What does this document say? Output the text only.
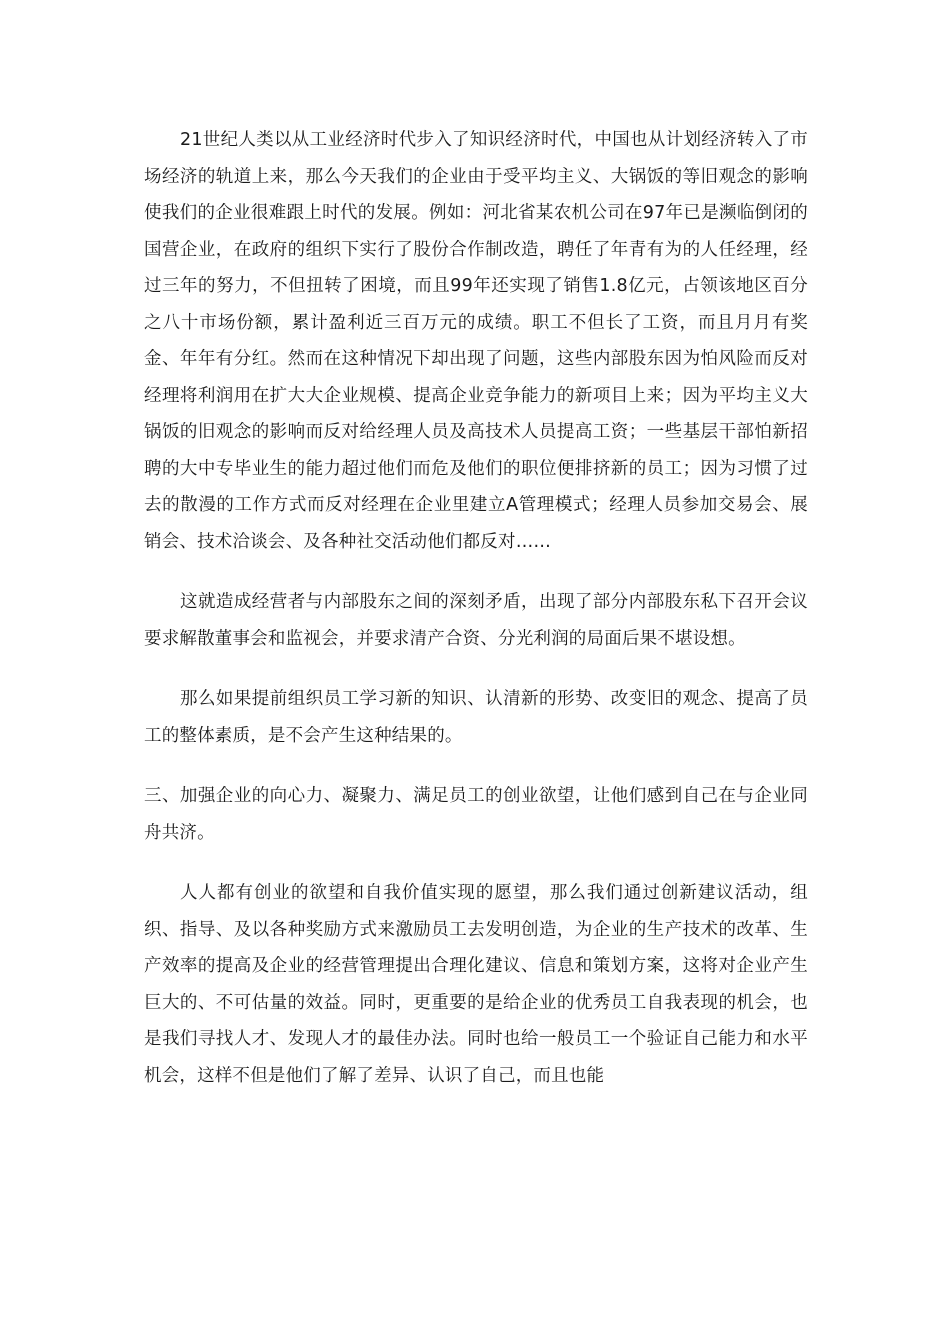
21世纪人类以从工业经济时代步入了知识经济时代，中国也从计划经济转入了市场经济的轨道上来，那么今天我们的企业由于受平均主义、大锅饭的等旧观念的影响使我们的企业很难跟上时代的发展。例如：河北省某农机公司在97年已是濒临倒闭的国营企业，在政府的组织下实行了股份合作制改造，聘任了年青有为的人任经理，经过三年的努力，不但扭转了困境，而且99年还实现了销售1.8亿元，占领该地区百分之八十市场份额，累计盈利近三百万元的成绩。职工不但长了工资，而且月月有奖金、年年有分红。然而在这种情况下却出现了问题，这些内部股东因为怕风险而反对经理将利润用在扩大大企业规模、提高企业竞争能力的新项目上来；因为平均主义大锅饭的旧观念的影响而反对给经理人员及高技术人员提高工资；一些基层干部怕新招聘的大中专毕业生的能力超过他们而危及他们的职位便排挤新的员工；因为习惯了过去的散漫的工作方式而反对经理在企业里建立A管理模式；经理人员参加交易会、展销会、技术洽谈会、及各种社交活动他们都反对……

这就造成经营者与内部股东之间的深刻矛盾，出现了部分内部股东私下召开会议要求解散董事会和监视会，并要求清产合资、分光利润的局面后果不堪设想。

那么如果提前组织员工学习新的知识、认清新的形势、改变旧的观念、提高了员工的整体素质，是不会产生这种结果的。

三、加强企业的向心力、凝聚力、满足员工的创业欲望，让他们感到自己在与企业同舟共济。

人人都有创业的欲望和自我价值实现的愿望，那么我们通过创新建议活动，组织、指导、及以各种奖励方式来激励员工去发明创造，为企业的生产技术的改革、生产效率的提高及企业的经营管理提出合理化建议、信息和策划方案，这将对企业产生巨大的、不可估量的效益。同时，更重要的是给企业的优秀员工自我表现的机会，也是我们寻找人才、发现人才的最佳办法。同时也给一般员工一个验证自己能力和水平机会，这样不但是他们了解了差异、认识了自己，而且也能
